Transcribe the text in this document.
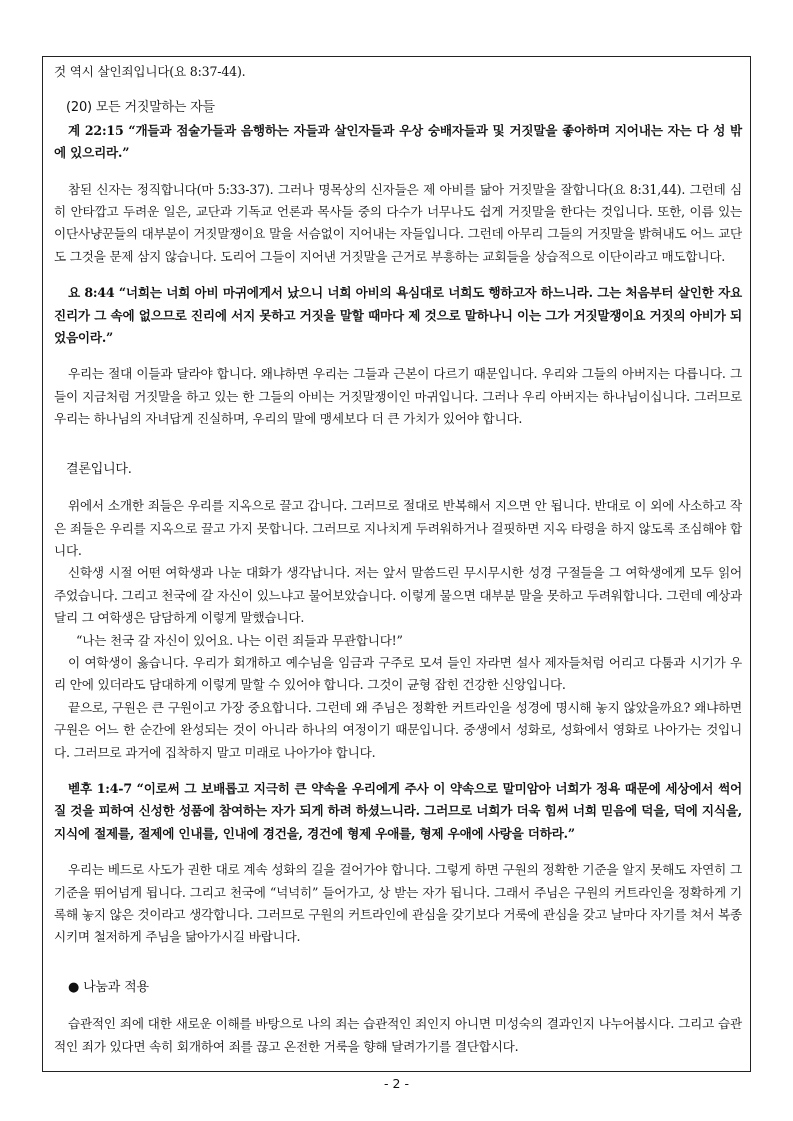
것 역시 살인죄입니다(요 8:37-44).

(20) 모든 거짓말하는 자들

계 22:15 “개들과 점술가들과 음행하는 자들과 살인자들과 우상 숭배자들과 및 거짓말을 좋아하며 지어내는 자는 다 성 밖에 있으리라.”

참된 신자는 정직합니다(마 5:33-37). 그러나 명목상의 신자들은 제 아비를 닮아 거짓말을 잘합니다(요 8:31,44). 그런데 심히 안타깝고 두려운 일은, 교단과 기독교 언론과 목사들 중의 다수가 너무나도 쉽게 거짓말을 한다는 것입니다. 또한, 이름 있는 이단사냥꾼들의 대부분이 거짓말쟁이요 말을 서슴없이 지어내는 자들입니다. 그런데 아무리 그들의 거짓말을 밝혀내도 어느 교단도 그것을 문제 삼지 않습니다. 도리어 그들이 지어낸 거짓말을 근거로 부흥하는 교회들을 상습적으로 이단이라고 매도합니다.

요 8:44 “너희는 너희 아비 마귀에게서 났으니 너희 아비의 욕심대로 너희도 행하고자 하느니라. 그는 처음부터 살인한 자요 진리가 그 속에 없으므로 진리에 서지 못하고 거짓을 말할 때마다 제 것으로 말하나니 이는 그가 거짓말쟁이요 거짓의 아비가 되었음이라.”

우리는 절대 이들과 달라야 합니다. 왜냐하면 우리는 그들과 근본이 다르기 때문입니다. 우리와 그들의 아버지는 다릅니다. 그들이 지금처럼 거짓말을 하고 있는 한 그들의 아비는 거짓말쟁이인 마귀입니다. 그러나 우리 아버지는 하나님이십니다. 그러므로 우리는 하나님의 자녀답게 진실하며, 우리의 말에 맹세보다 더 큰 가치가 있어야 합니다.

결론입니다.

위에서 소개한 죄들은 우리를 지옥으로 끌고 갑니다. 그러므로 절대로 반복해서 지으면 안 됩니다. 반대로 이 외에 사소하고 작은 죄들은 우리를 지옥으로 끌고 가지 못합니다. 그러므로 지나치게 두려워하거나 걸핏하면 지옥 타령을 하지 않도록 조심해야 합니다.

신학생 시절 어떤 여학생과 나눈 대화가 생각납니다. 저는 앞서 말씀드린 무시무시한 성경 구절들을 그 여학생에게 모두 읽어 주었습니다. 그리고 천국에 갈 자신이 있느냐고 물어보았습니다. 이렇게 물으면 대부분 말을 못하고 두려워합니다. 그런데 예상과 달리 그 여학생은 담담하게 이렇게 말했습니다.

“나는 천국 갈 자신이 있어요. 나는 이런 죄들과 무관합니다!”

이 여학생이 옳습니다. 우리가 회개하고 예수님을 임금과 구주로 모셔 들인 자라면 설사 제자들처럼 어리고 다툼과 시기가 우리 안에 있더라도 담대하게 이렇게 말할 수 있어야 합니다. 그것이 균형 잡힌 건강한 신앙입니다.

끝으로, 구원은 큰 구원이고 가장 중요합니다. 그런데 왜 주님은 정확한 커트라인을 성경에 명시해 놓지 않았을까요? 왜냐하면 구원은 어느 한 순간에 완성되는 것이 아니라 하나의 여정이기 때문입니다. 중생에서 성화로, 성화에서 영화로 나아가는 것입니다. 그러므로 과거에 집착하지 말고 미래로 나아가야 합니다.

벧후 1:4-7 “이로써 그 보배롭고 지극히 큰 약속을 우리에게 주사 이 약속으로 말미암아 너희가 정욕 때문에 세상에서 썩어질 것을 피하여 신성한 성품에 참여하는 자가 되게 하려 하셨느니라. 그러므로 너희가 더욱 힘써 너희 믿음에 덕을, 덕에 지식을, 지식에 절제를, 절제에 인내를, 인내에 경건을, 경건에 형제 우애를, 형제 우애에 사랑을 더하라.”

우리는 베드로 사도가 권한 대로 계속 성화의 길을 걸어가야 합니다. 그렇게 하면 구원의 정확한 기준을 알지 못해도 자연히 그 기준을 뛰어넘게 됩니다. 그리고 천국에 “넉넉히” 들어가고, 상 받는 자가 됩니다. 그래서 주님은 구원의 커트라인을 정확하게 기록해 놓지 않은 것이라고 생각합니다. 그러므로 구원의 커트라인에 관심을 갖기보다 거룩에 관심을 갖고 날마다 자기를 쳐서 복종시키며 철저하게 주님을 닮아가시길 바랍니다.

● 나눔과 적용

습관적인 죄에 대한 새로운 이해를 바탕으로 나의 죄는 습관적인 죄인지 아니면 미성숙의 결과인지 나누어봅시다. 그리고 습관적인 죄가 있다면 속히 회개하여 죄를 끊고 온전한 거룩을 향해 달려가기를 결단합시다.

- 2 -
